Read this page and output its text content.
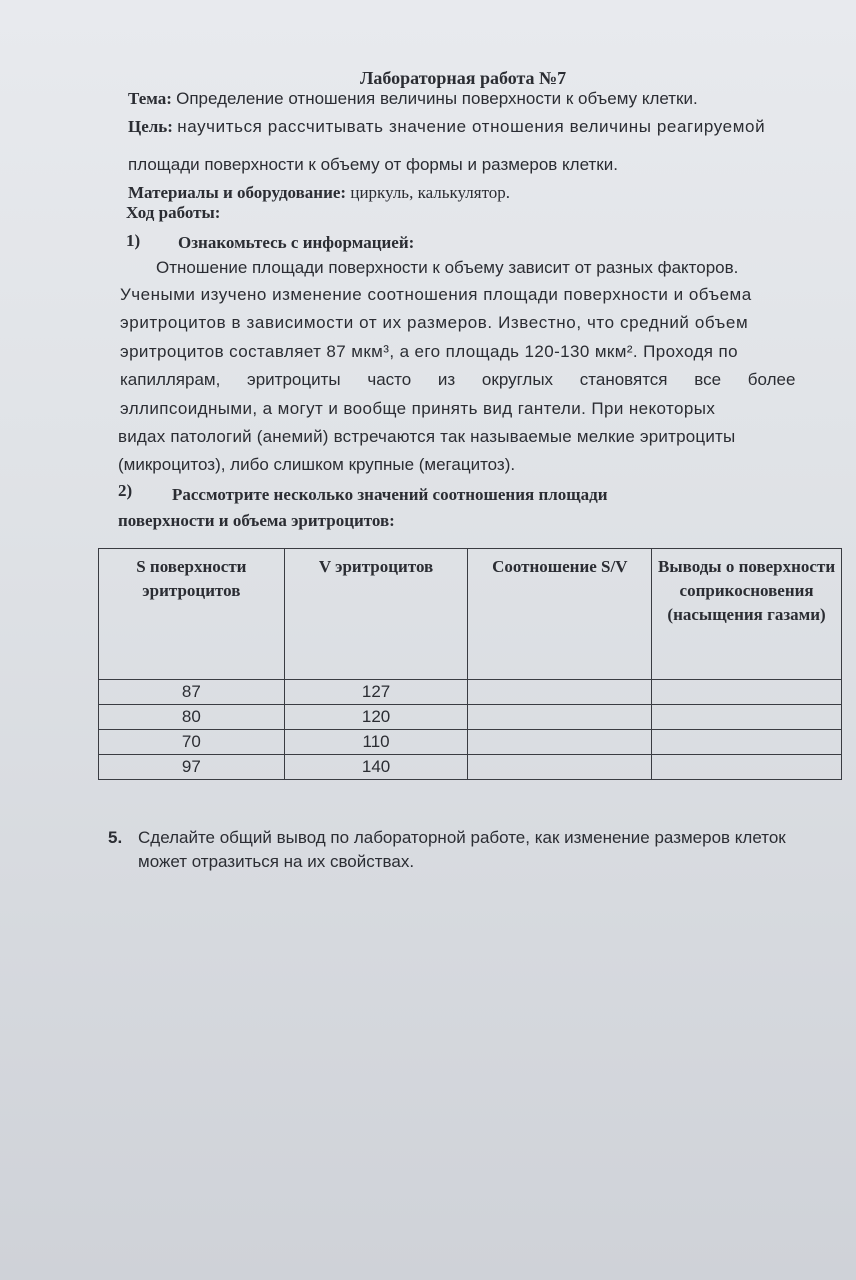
Лабораторная работа №7
Тема: Определение отношения величины поверхности к объему клетки.
Цель: научиться рассчитывать значение отношения величины реагируемой
площади поверхности к объему от формы и размеров клетки.
Материалы и оборудование: циркуль, калькулятор.
Ход работы:
1) Ознакомьтесь с информацией:
Отношение площади поверхности к объему зависит от разных факторов.
Учеными изучено изменение соотношения площади поверхности и объема
эритроцитов в зависимости от их размеров. Известно, что средний объем
эритроцитов составляет 87 мкм³, а его площадь 120-130 мкм². Проходя по
капиллярам, эритроциты часто из округлых становятся все более
эллипсоидными, а могут и вообще принять вид гантели. При некоторых
видах патологий (анемий) встречаются так называемые мелкие эритроциты
(микроцитоз), либо слишком крупные (мегацитоз).
2) Рассмотрите несколько значений соотношения площади
поверхности и объема эритроцитов:
S поверхности эритроцитов	V эритроцитов	Соотношение S/V	Выводы о поверхности соприкосновения (насыщения газами)
87	127		
80	120		
70	110		
97	140		
5. Сделайте общий вывод по лабораторной работе, как изменение размеров клеток может отразиться на их свойствах.
